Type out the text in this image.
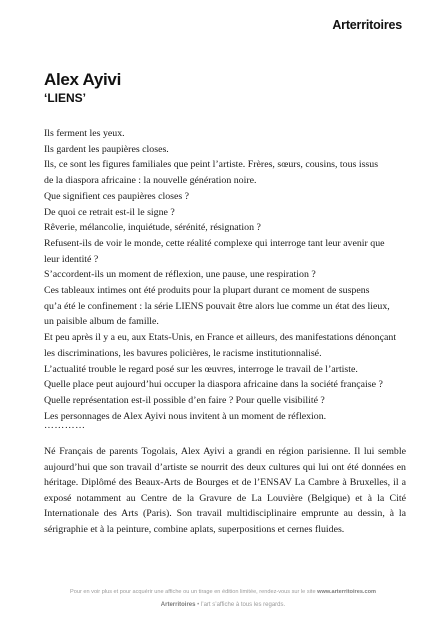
Arterritoires
Alex Ayivi
‘LIENS’

Ils ferment les yeux.

Ils gardent les paupières closes.

Ils, ce sont les figures familiales que peint l’artiste. Frères, sœurs, cousins, tous issus

de la diaspora africaine : la nouvelle génération noire.

Que signifient ces paupières closes ?

De quoi ce retrait est-il le signe ?

Rêverie, mélancolie, inquiétude, sérénité, résignation ?

Refusent-ils de voir le monde, cette réalité complexe qui interroge tant leur avenir que

leur identité ?

S’accordent-ils un moment de réflexion, une pause, une respiration ?

Ces tableaux intimes ont été produits pour la plupart durant ce moment de suspens

qu’a été le confinement : la série LIENS pouvait être alors lue comme un état des lieux,

un paisible album de famille.

Et peu après il y a eu, aux Etats-Unis, en France et ailleurs, des manifestations dénonçant

les discriminations, les bavures policières, le racisme institutionnalisé.

L’actualité trouble le regard posé sur les œuvres, interroge le travail de l’artiste.

Quelle place peut aujourd’hui occuper la diaspora africaine dans la société française ?

Quelle représentation est-il possible d’en faire ? Pour quelle visibilité ?

Les personnages de Alex Ayivi nous invitent à un moment de réflexion.

…………

Né Français de parents Togolais, Alex Ayivi a grandi en région parisienne. Il lui semble aujourd’hui que son travail d’artiste se nourrit des deux cultures qui lui ont été données en héritage. Diplômé des Beaux-Arts de Bourges et de l’ENSAV La Cambre à Bruxelles, il a exposé notamment au Centre de la Gravure de La Louvière (Belgique) et à la Cité Internationale des Arts (Paris). Son travail multidisciplinaire emprunte au dessin, à la sérigraphie et à la peinture, combine aplats, superpositions et cernes fluides.

Pour en voir plus et pour acquérir une affiche ou un tirage en édition limitée, rendez-vous sur le site www.arterritoires.com
Arterritoires • l’art s’affiche à tous les regards.
